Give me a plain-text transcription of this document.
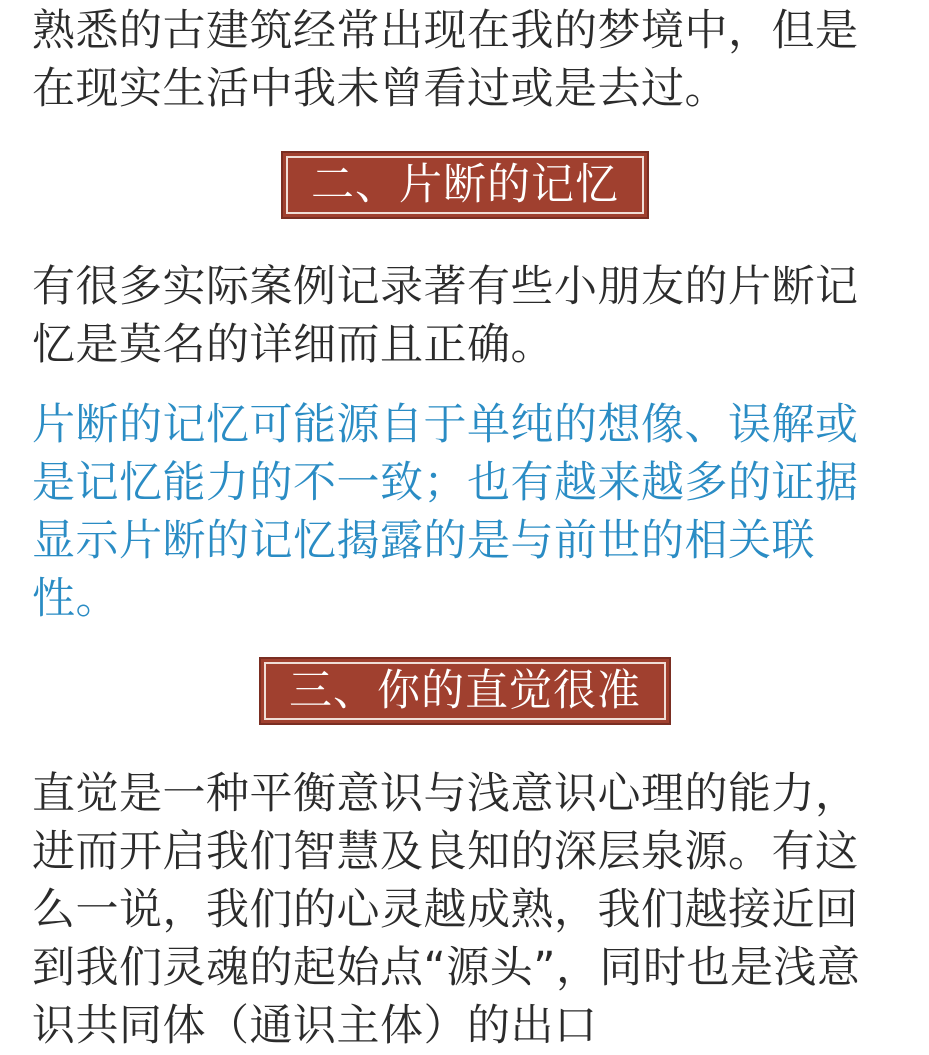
熟悉的古建筑经常出现在我的梦境中，但是在现实生活中我未曾看过或是去过。

二、片断的记忆

有很多实际案例记录著有些小朋友的片断记忆是莫名的详细而且正确。

片断的记忆可能源自于单纯的想像、误解或是记忆能力的不一致；也有越来越多的证据显示片断的记忆揭露的是与前世的相关联性。

三、你的直觉很准

直觉是一种平衡意识与浅意识心理的能力，进而开启我们智慧及良知的深层泉源。有这么一说，我们的心灵越成熟，我们越接近回到我们灵魂的起始点“源头”，同时也是浅意识共同体（通识主体）的出口
